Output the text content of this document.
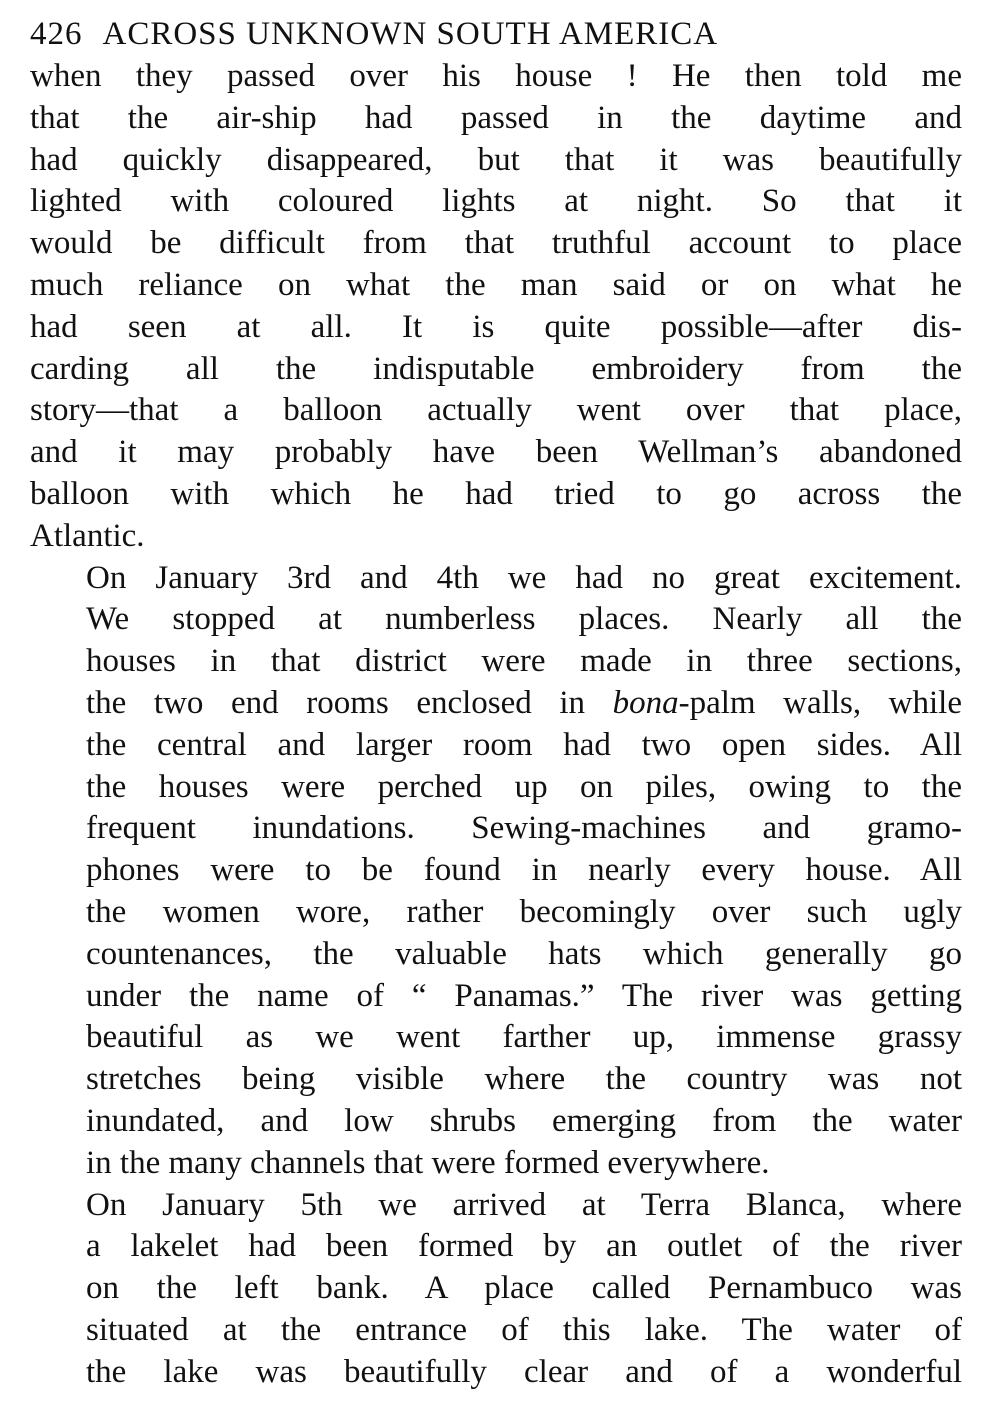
426 ACROSS UNKNOWN SOUTH AMERICA

when they passed over his house ! He then told me
that the air-ship had passed in the daytime and
had quickly disappeared, but that it was beautifully
lighted with coloured lights at night. So that it
would be difficult from that truthful account to place
much reliance on what the man said or on what he
had seen at all. It is quite possible—after dis-
carding all the indisputable embroidery from the
story—that a balloon actually went over that place,
and it may probably have been Wellman’s abandoned
balloon with which he had tried to go across the
Atlantic.

On January 3rd and 4th we had no great excitement.
We stopped at numberless places. Nearly all the
houses in that district were made in three sections,
the two end rooms enclosed in bona-palm walls, while
the central and larger room had two open sides. All
the houses were perched up on piles, owing to the
frequent inundations. Sewing-machines and gramo-
phones were to be found in nearly every house. All
the women wore, rather becomingly over such ugly
countenances, the valuable hats which generally go
under the name of “ Panamas.” The river was getting
beautiful as we went farther up, immense grassy
stretches being visible where the country was not
inundated, and low shrubs emerging from the water
in the many channels that were formed everywhere.

On January 5th we arrived at Terra Blanca, where
a lakelet had been formed by an outlet of the river
on the left bank. A place called Pernambuco was
situated at the entrance of this lake. The water of
the lake was beautifully clear and of a wonderful
